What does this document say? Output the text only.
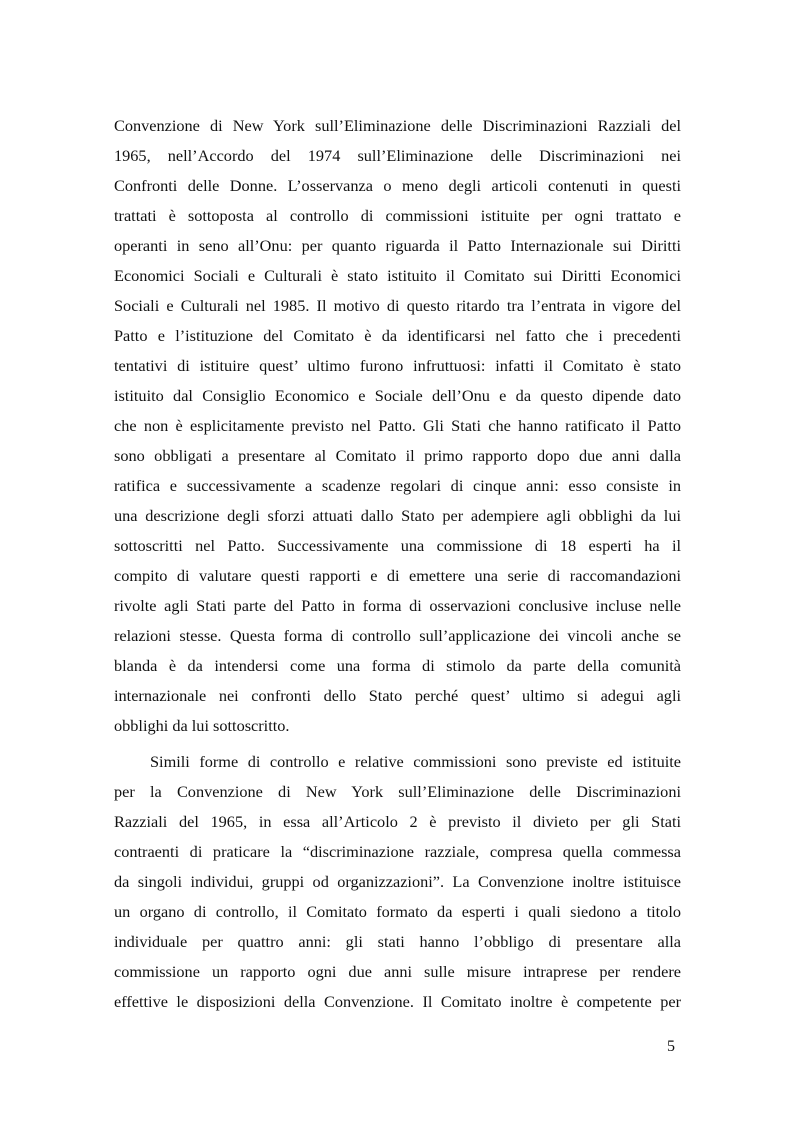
Convenzione di New York sull’Eliminazione delle Discriminazioni Razziali del
1965, nell’Accordo del 1974 sull’Eliminazione delle Discriminazioni nei
Confronti delle Donne. L’osservanza o meno degli articoli contenuti in questi
trattati è sottoposta al controllo di commissioni istituite per ogni trattato e
operanti in seno all’Onu: per quanto riguarda il Patto Internazionale sui Diritti
Economici Sociali e Culturali è stato istituito il Comitato sui Diritti Economici
Sociali e Culturali nel 1985. Il motivo di questo ritardo tra l’entrata in vigore del
Patto e l’istituzione del Comitato è da identificarsi nel fatto che i precedenti
tentativi di istituire quest’ ultimo furono infruttuosi: infatti il Comitato è stato
istituito dal Consiglio Economico e Sociale dell’Onu e da questo dipende dato
che non è esplicitamente previsto nel Patto. Gli Stati che hanno ratificato il Patto
sono obbligati a presentare al Comitato il primo rapporto dopo due anni dalla
ratifica e successivamente a scadenze regolari di cinque anni: esso consiste in
una descrizione degli sforzi attuati dallo Stato per adempiere agli obblighi da lui
sottoscritti nel Patto. Successivamente una commissione di 18 esperti ha il
compito di valutare questi rapporti e di emettere una serie di raccomandazioni
rivolte agli Stati parte del Patto in forma di osservazioni conclusive incluse nelle
relazioni stesse. Questa forma di controllo sull’applicazione dei vincoli anche se
blanda è da intendersi come una forma di stimolo da parte della comunità
internazionale nei confronti dello Stato perché quest’ ultimo si adegui agli
obblighi da lui sottoscritto.

Simili forme di controllo e relative commissioni sono previste ed istituite
per la Convenzione di New York sull’Eliminazione delle Discriminazioni
Razziali del 1965, in essa all’Articolo 2 è previsto il divieto per gli Stati
contraenti di praticare la “discriminazione razziale, compresa quella commessa
da singoli individui, gruppi od organizzazioni”. La Convenzione inoltre istituisce
un organo di controllo, il Comitato formato da esperti i quali siedono a titolo
individuale per quattro anni: gli stati hanno l’obbligo di presentare alla
commissione un rapporto ogni due anni sulle misure intraprese per rendere
effettive le disposizioni della Convenzione. Il Comitato inoltre è competente per

5
